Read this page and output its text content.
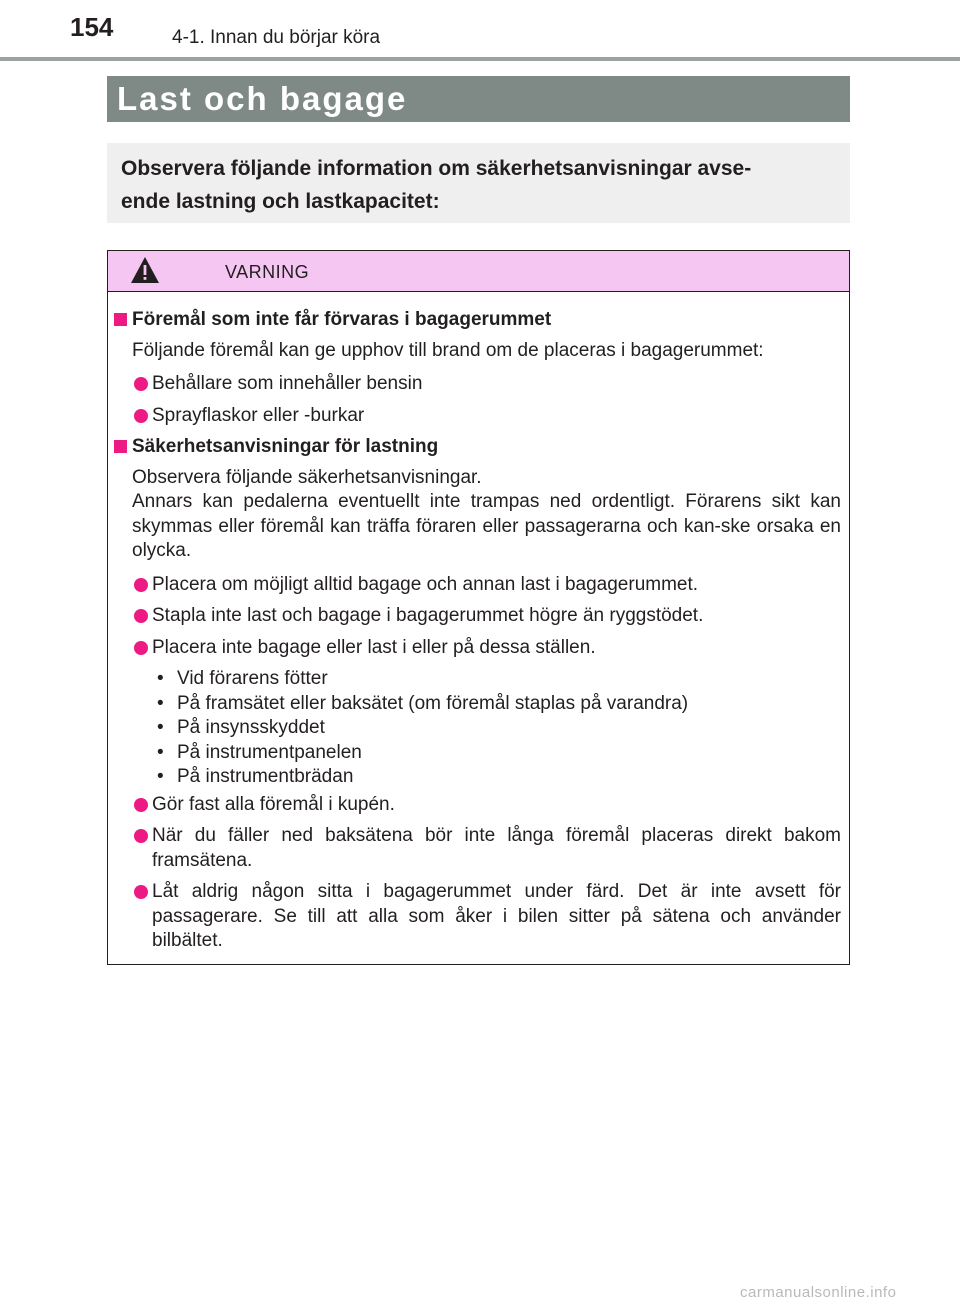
154	4-1. Innan du börjar köra
Last och bagage
Observera följande information om säkerhetsanvisningar avse-
ende lastning och lastkapacitet:
VARNING
Föremål som inte får förvaras i bagagerummet
Följande föremål kan ge upphov till brand om de placeras i bagagerummet:
Behållare som innehåller bensin
Sprayflaskor eller -burkar
Säkerhetsanvisningar för lastning
Observera följande säkerhetsanvisningar.
Annars kan pedalerna eventuellt inte trampas ned ordentligt. Förarens sikt kan skymmas eller föremål kan träffa föraren eller passagerarna och kan-ske orsaka en olycka.
Placera om möjligt alltid bagage och annan last i bagagerummet.
Stapla inte last och bagage i bagagerummet högre än ryggstödet.
Placera inte bagage eller last i eller på dessa ställen.
• Vid förarens fötter
• På framsätet eller baksätet (om föremål staplas på varandra)
• På insynsskyddet
• På instrumentpanelen
• På instrumentbrädan
Gör fast alla föremål i kupén.
När du fäller ned baksätena bör inte långa föremål placeras direkt bakom framsätena.
Låt aldrig någon sitta i bagagerummet under färd. Det är inte avsett för passagerare. Se till att alla som åker i bilen sitter på sätena och använder bilbältet.
carmanualsonline.info
